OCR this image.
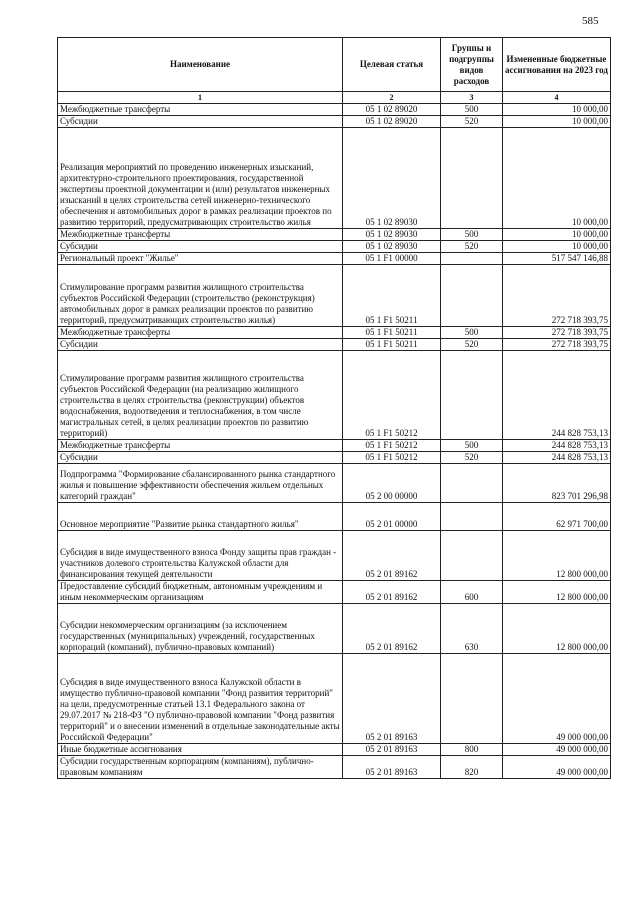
585
Наименование	Целевая статья	Группы и подгруппы видов расходов	Измененные бюджетные ассигнования на 2023 год
1	2	3	4
Межбюджетные трансферты	05 1 02 89020	500	10 000,00
Субсидии	05 1 02 89020	520	10 000,00
Реализация мероприятий по проведению инженерных изысканий, архитектурно-строительного проектирования, государственной экспертизы проектной документации и (или) результатов инженерных изысканий в целях строительства сетей инженерно-технического обеспечения и автомобильных дорог в рамках реализации проектов по развитию территорий, предусматривающих строительство жилья	05 1 02 89030		10 000,00
Межбюджетные трансферты	05 1 02 89030	500	10 000,00
Субсидии	05 1 02 89030	520	10 000,00
Региональный проект "Жилье"	05 1 F1 00000		517 547 146,88
Стимулирование программ развития жилищного строительства субъектов Российской Федерации (строительство (реконструкция) автомобильных дорог в рамках реализации проектов по развитию территорий, предусматривающих строительство жилья)	05 1 F1 50211		272 718 393,75
Межбюджетные трансферты	05 1 F1 50211	500	272 718 393,75
Субсидии	05 1 F1 50211	520	272 718 393,75
Стимулирование программ развития жилищного строительства субъектов Российской Федерации (на реализацию жилищного строительства в целях строительства (реконструкции) объектов водоснабжения, водоотведения и теплоснабжения, в том числе магистральных сетей, в целях реализации проектов по развитию территорий)	05 1 F1 50212		244 828 753,13
Межбюджетные трансферты	05 1 F1 50212	500	244 828 753,13
Субсидии	05 1 F1 50212	520	244 828 753,13
Подпрограмма "Формирование сбалансированного рынка стандартного жилья и повышение эффективности обеспечения жильем отдельных категорий граждан"	05 2 00 00000		823 701 296,98
Основное мероприятие "Развитие рынка стандартного жилья"	05 2 01 00000		62 971 700,00
Субсидия в виде имущественного взноса Фонду защиты прав граждан - участников долевого строительства Калужской области для финансирования текущей деятельности	05 2 01 89162		12 800 000,00
Предоставление субсидий бюджетным, автономным учреждениям и иным некоммерческим организациям	05 2 01 89162	600	12 800 000,00
Субсидии некоммерческим организациям (за исключением государственных (муниципальных) учреждений, государственных корпораций (компаний), публично-правовых компаний)	05 2 01 89162	630	12 800 000,00
Субсидия в виде имущественного взноса Калужской области в имущество публично-правовой компании "Фонд развития территорий" на цели, предусмотренные статьей 13.1 Федерального закона от 29.07.2017 № 218-ФЗ "О публично-правовой компании "Фонд развития территорий" и о внесении изменений в отдельные законодательные акты Российской Федерации"	05 2 01 89163		49 000 000,00
Иные бюджетные ассигнования	05 2 01 89163	800	49 000 000,00
Субсидии государственным корпорациям (компаниям), публично-правовым компаниям	05 2 01 89163	820	49 000 000,00
